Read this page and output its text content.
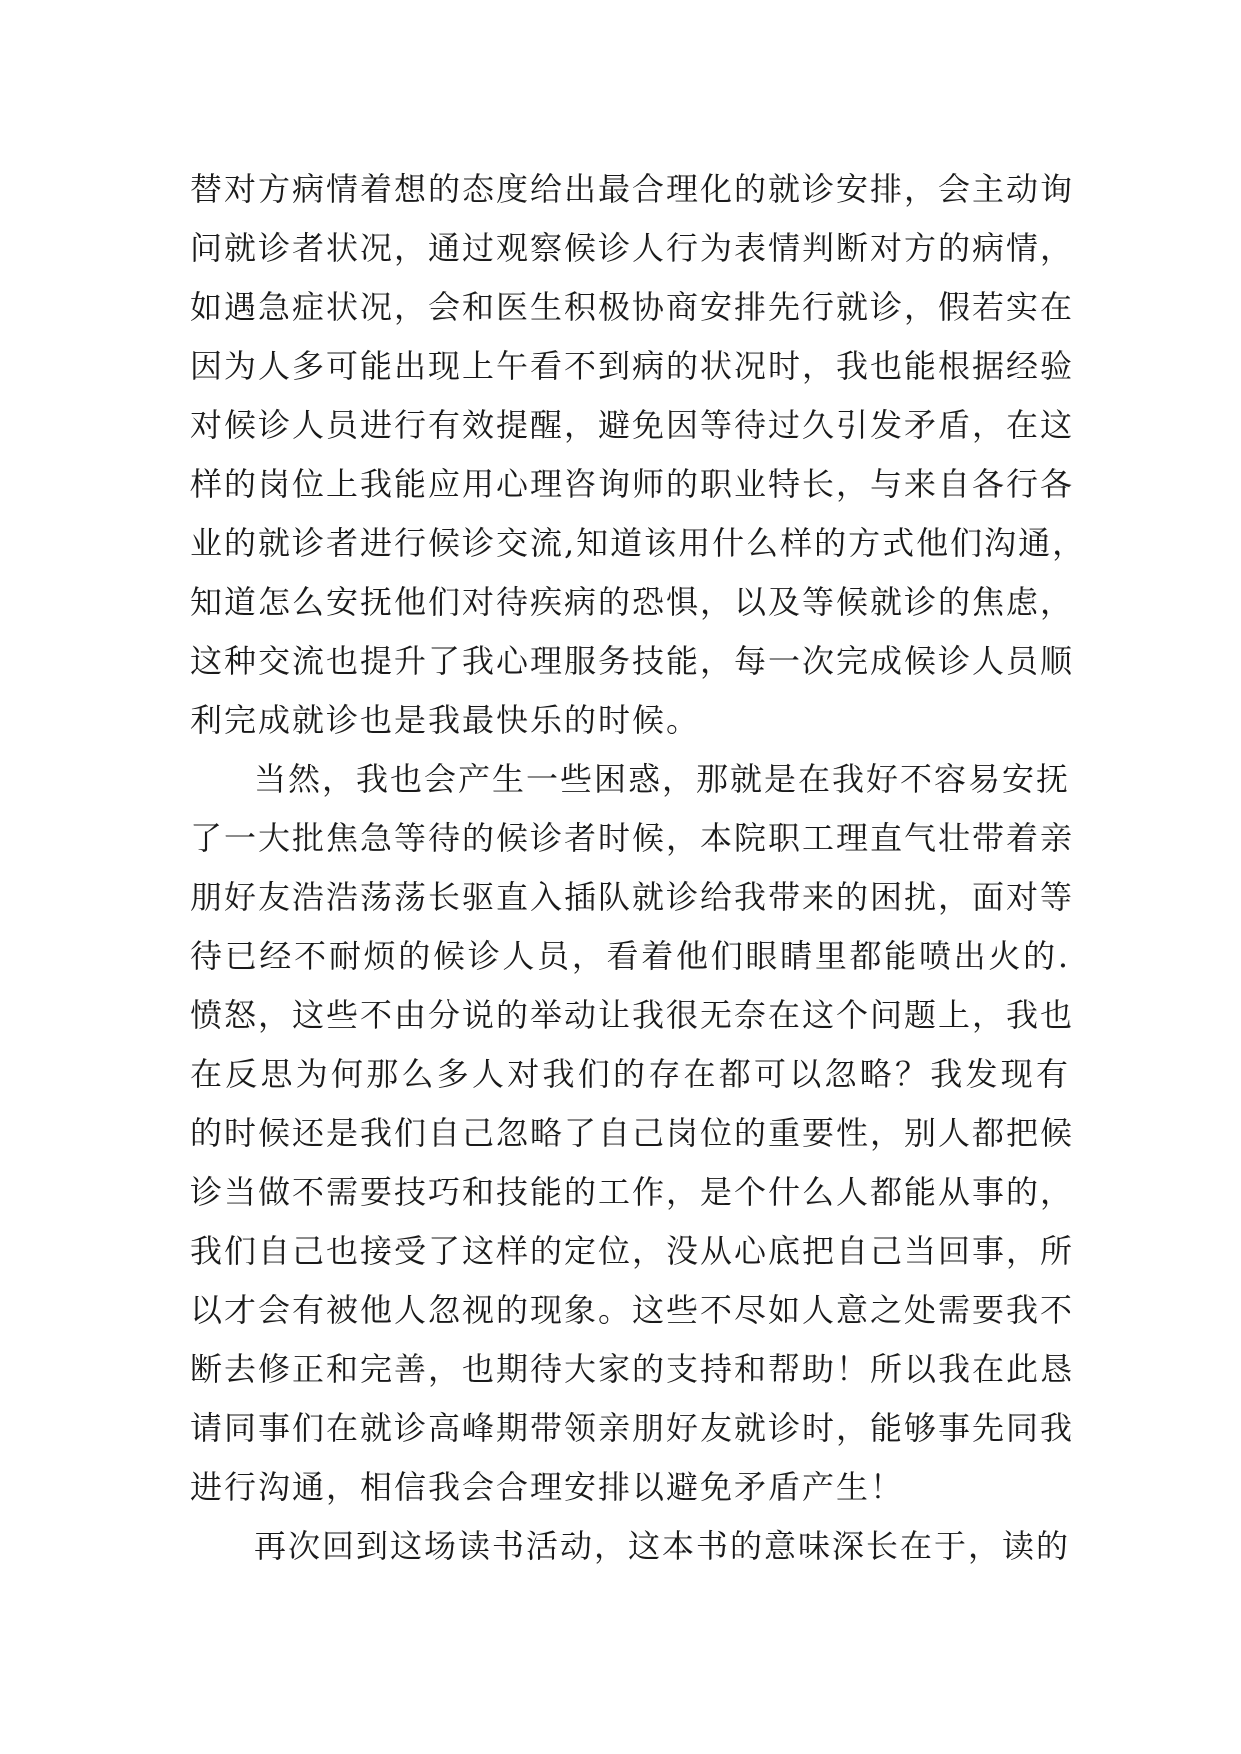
替对方病情着想的态度给出最合理化的就诊安排，会主动询
问就诊者状况，通过观察候诊人行为表情判断对方的病情，
如遇急症状况，会和医生积极协商安排先行就诊，假若实在
因为人多可能出现上午看不到病的状况时，我也能根据经验
对候诊人员进行有效提醒，避免因等待过久引发矛盾，在这
样的岗位上我能应用心理咨询师的职业特长，与来自各行各
业的就诊者进行候诊交流,知道该用什么样的方式他们沟通，
知道怎么安抚他们对待疾病的恐惧，以及等候就诊的焦虑，
这种交流也提升了我心理服务技能，每一次完成候诊人员顺
利完成就诊也是我最快乐的时候。
当然，我也会产生一些困惑，那就是在我好不容易安抚
了一大批焦急等待的候诊者时候，本院职工理直气壮带着亲
朋好友浩浩荡荡长驱直入插队就诊给我带来的困扰，面对等
待已经不耐烦的候诊人员，看着他们眼睛里都能喷出火的.
愤怒，这些不由分说的举动让我很无奈在这个问题上，我也
在反思为何那么多人对我们的存在都可以忽略？我发现有
的时候还是我们自己忽略了自己岗位的重要性，别人都把候
诊当做不需要技巧和技能的工作，是个什么人都能从事的，
我们自己也接受了这样的定位，没从心底把自己当回事，所
以才会有被他人忽视的现象。这些不尽如人意之处需要我不
断去修正和完善，也期待大家的支持和帮助！所以我在此恳
请同事们在就诊高峰期带领亲朋好友就诊时，能够事先同我
进行沟通，相信我会合理安排以避免矛盾产生！
再次回到这场读书活动，这本书的意味深长在于，读的
